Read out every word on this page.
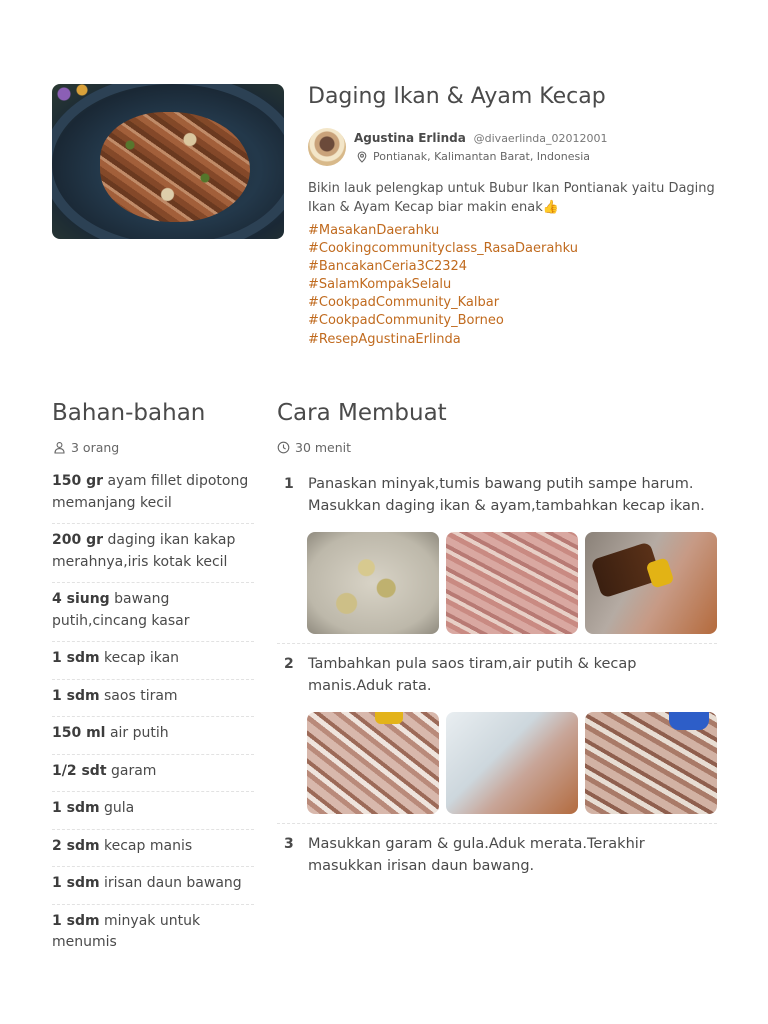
Daging Ikan & Ayam Kecap
Agustina Erlinda @divaerlinda_02012001
Pontianak, Kalimantan Barat, Indonesia

Bikin lauk pelengkap untuk Bubur Ikan Pontianak yaitu Daging Ikan & Ayam Kecap biar makin enak👍

#MasakanDaerahku
#Cookingcommunityclass_RasaDaerahku
#BancakanCeria3C2324
#SalamKompakSelalu
#CookpadCommunity_Kalbar
#CookpadCommunity_Borneo
#ResepAgustinaErlinda
Bahan-bahan
3 orang
150 gr ayam fillet dipotong memanjang kecil
200 gr daging ikan kakap merahnya,iris kotak kecil
4 siung bawang putih,cincang kasar
1 sdm kecap ikan
1 sdm saos tiram
150 ml air putih
1/2 sdt garam
1 sdm gula
2 sdm kecap manis
1 sdm irisan daun bawang
1 sdm minyak untuk menumis
Cara Membuat
30 menit
1 Panaskan minyak,tumis bawang putih sampe harum. Masukkan daging ikan & ayam,tambahkan kecap ikan.

2 Tambahkan pula saos tiram,air putih & kecap manis.Aduk rata.

3 Masukkan garam & gula.Aduk merata.Terakhir masukkan irisan daun bawang.
